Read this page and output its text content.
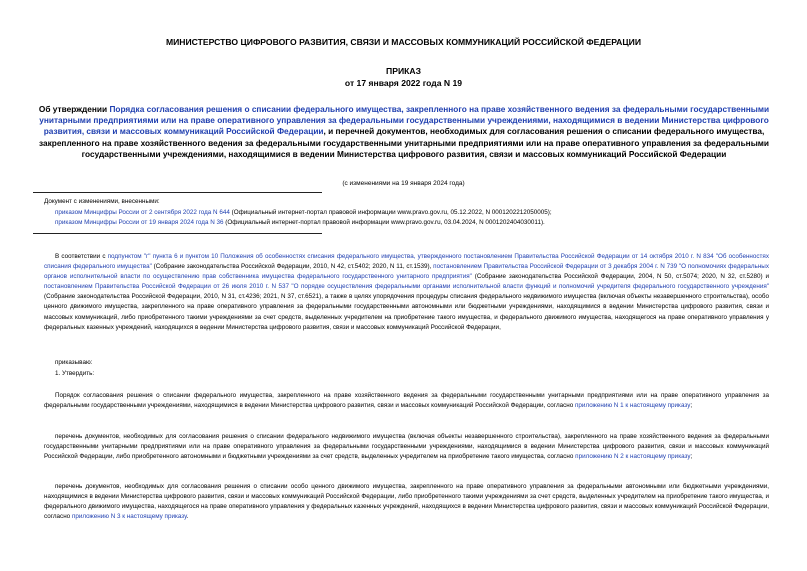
МИНИСТЕРСТВО ЦИФРОВОГО РАЗВИТИЯ, СВЯЗИ И МАССОВЫХ КОММУНИКАЦИЙ РОССИЙСКОЙ ФЕДЕРАЦИИ
ПРИКАЗ
от 17 января 2022 года N 19
Об утверждении Порядка согласования решения о списании федерального имущества, закрепленного на праве хозяйственного ведения за федеральными государственными унитарными предприятиями или на праве оперативного управления за федеральными государственными учреждениями, находящимися в ведении Министерства цифрового развития, связи и массовых коммуникаций Российской Федерации, и перечней документов, необходимых для согласования решения о списании федерального имущества, закрепленного на праве хозяйственного ведения за федеральными государственными унитарными предприятиями или на праве оперативного управления за федеральными государственными учреждениями, находящимися в ведении Министерства цифрового развития, связи и массовых коммуникаций Российской Федерации
(с изменениями на 19 января 2024 года)
Документ с изменениями, внесенными:
приказом Минцифры России от 2 сентября 2022 года N 644 (Официальный интернет-портал правовой информации www.pravo.gov.ru, 05.12.2022, N 0001202212050005);
приказом Минцифры России от 19 января 2024 года N 36 (Официальный интернет-портал правовой информации www.pravo.gov.ru, 03.04.2024, N 0001202404030011).
В соответствии с подпунктом "г" пункта 6 и пунктом 10 Положения об особенностях списания федерального имущества, утвержденного постановлением Правительства Российской Федерации от 14 октября 2010 г. N 834 "Об особенностях списания федерального имущества" (Собрание законодательства Российской Федерации, 2010, N 42, ст.5402; 2020, N 11, ст.1539), постановлением Правительства Российской Федерации от 3 декабря 2004 г. N 739 "О полномочиях федеральных органов исполнительной власти по осуществлению прав собственника имущества федерального государственного унитарного предприятия" (Собрание законодательства Российской Федерации, 2004, N 50, ст.5074; 2020, N 32, ст.5280) и постановлением Правительства Российской Федерации от 26 июля 2010 г. N 537 "О порядке осуществления федеральными органами исполнительной власти функций и полномочий учредителя федерального государственного учреждения" (Собрание законодательства Российской Федерации, 2010, N 31, ст.4236; 2021, N 37, ст.6521), а также в целях упорядочения процедуры списания федерального недвижимого имущества (включая объекты незавершенного строительства), особо ценного движимого имущества, закрепленного на праве оперативного управления за федеральными государственными автономными или бюджетными учреждениями, находящимися в ведении Министерства цифрового развития, связи и массовых коммуникаций, либо приобретенного такими учреждениями за счет средств, выделенных учредителем на приобретение такого имущества, и федерального движимого имущества, находящегося на праве оперативного управления у федеральных казенных учреждений, находящихся в ведении Министерства цифрового развития, связи и массовых коммуникаций Российской Федерации,
приказываю:
1. Утвердить:
Порядок согласования решения о списании федерального имущества, закрепленного на праве хозяйственного ведения за федеральными государственными унитарными предприятиями или на праве оперативного управления за федеральными государственными учреждениями, находящимися в ведении Министерства цифрового развития, связи и массовых коммуникаций Российской Федерации, согласно приложению N 1 к настоящему приказу;
перечень документов, необходимых для согласования решения о списании федерального недвижимого имущества (включая объекты незавершенного строительства), закрепленного на праве хозяйственного ведения за федеральными государственными унитарными предприятиями или на праве оперативного управления за федеральными государственными учреждениями, находящимися в ведении Министерства цифрового развития, связи и массовых коммуникаций Российской Федерации, либо приобретенного автономными и бюджетными учреждениями за счет средств, выделенных учредителем на приобретение такого имущества, согласно приложению N 2 к настоящему приказу;
перечень документов, необходимых для согласования решения о списании особо ценного движимого имущества, закрепленного на праве оперативного управления за федеральными автономными или бюджетными учреждениями, находящимися в ведении Министерства цифрового развития, связи и массовых коммуникаций Российской Федерации, либо приобретенного такими учреждениями за счет средств, выделенных учредителем на приобретение такого имущества, и федерального движимого имущества, находящегося на праве оперативного управления у федеральных казенных учреждений, находящихся в ведении Министерства цифрового развития, связи и массовых коммуникаций Российской Федерации, согласно приложению N 3 к настоящему приказу.
